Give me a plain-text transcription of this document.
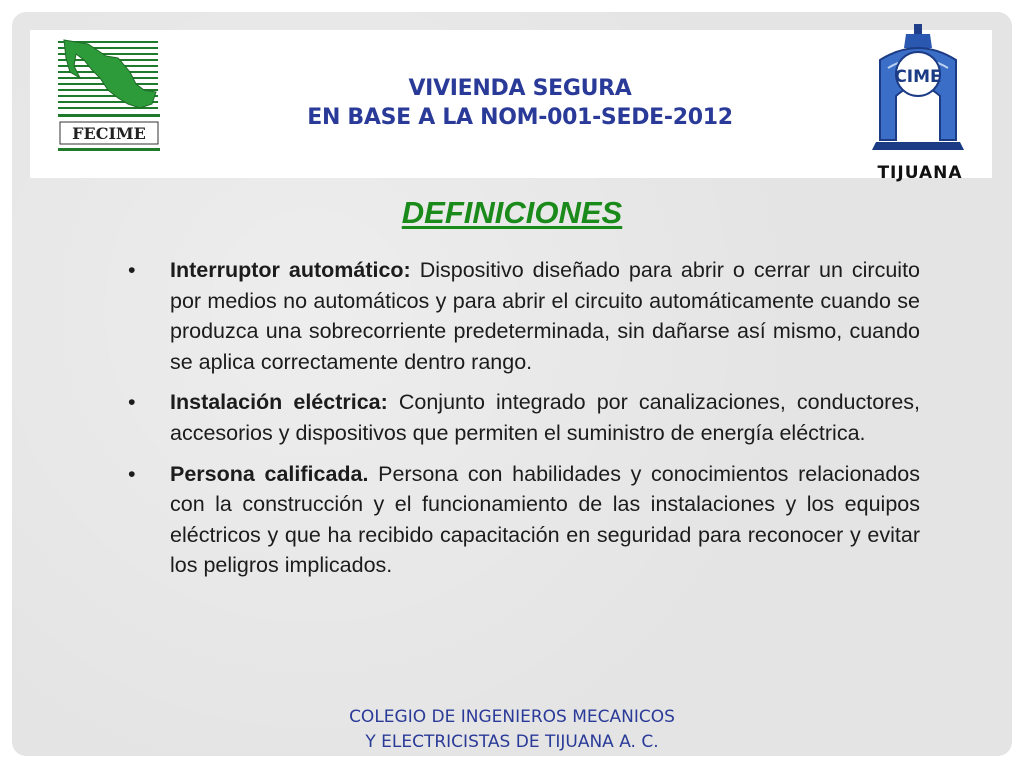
FECIME
CIME
VIVIENDA SEGURA
EN BASE A LA NOM-001-SEDE-2012
TIJUANA
DEFINICIONES
• Interruptor automático: Dispositivo diseñado para abrir o cerrar un circuito por medios no automáticos y para abrir el circuito automáticamente cuando se produzca una sobrecorriente predeterminada, sin dañarse así mismo, cuando se aplica correctamente dentro rango.
• Instalación eléctrica: Conjunto integrado por canalizaciones, conductores, accesorios y dispositivos que permiten el suministro de energía eléctrica.
• Persona calificada. Persona con habilidades y conocimientos relacionados con la construcción y el funcionamiento de las instalaciones y los equipos eléctricos y que ha recibido capacitación en seguridad para reconocer y evitar los peligros implicados.
COLEGIO DE INGENIEROS MECANICOS
Y ELECTRICISTAS DE TIJUANA A. C.
